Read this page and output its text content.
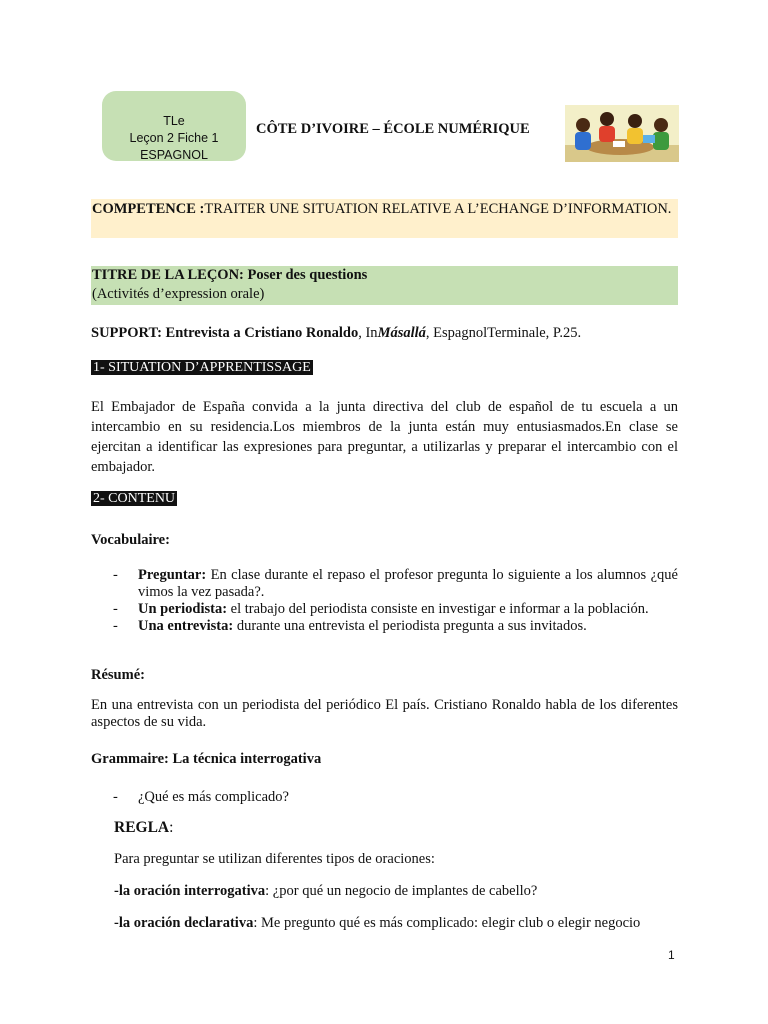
TLe
Leçon 2 Fiche 1
ESPAGNOL
CÔTE D’IVOIRE – ÉCOLE NUMÉRIQUE

COMPETENCE :TRAITER UNE SITUATION RELATIVE A L’ECHANGE D’INFORMATION.

TITRE DE LA LEÇON: Poser des questions

(Activités d’expression orale)

SUPPORT: Entrevista a Cristiano Ronaldo, InMásallá, EspagnolTerminale, P.25.
1- SITUATION D’APPRENTISSAGE

El Embajador de España convida a la junta directiva del club de español de tu escuela a un intercambio en su residencia.Los miembros de la junta están muy entusiasmados.En clase se ejercitan a identificar las expresiones para preguntar, a utilizarlas y preparar el intercambio con el embajador.

2- CONTENU
Vocabulaire:
- Preguntar: En clase durante el repaso el profesor pregunta lo siguiente a los alumnos ¿qué vimos la vez pasada?.
- Un periodista: el trabajo del periodista consiste en investigar e informar a la población.
- Una entrevista: durante una entrevista el periodista pregunta a sus invitados.
Résumé:

En una entrevista con un periodista del periódico El país. Cristiano Ronaldo habla de los diferentes aspectos de su vida.

Grammaire: La técnica interrogativa
- ¿Qué es más complicado?
REGLA:
Para preguntar se utilizan diferentes tipos de oraciones:
-la oración interrogativa: ¿por qué un negocio de implantes de cabello?
-la oración declarativa: Me pregunto qué es más complicado: elegir club o elegir negocio
1
